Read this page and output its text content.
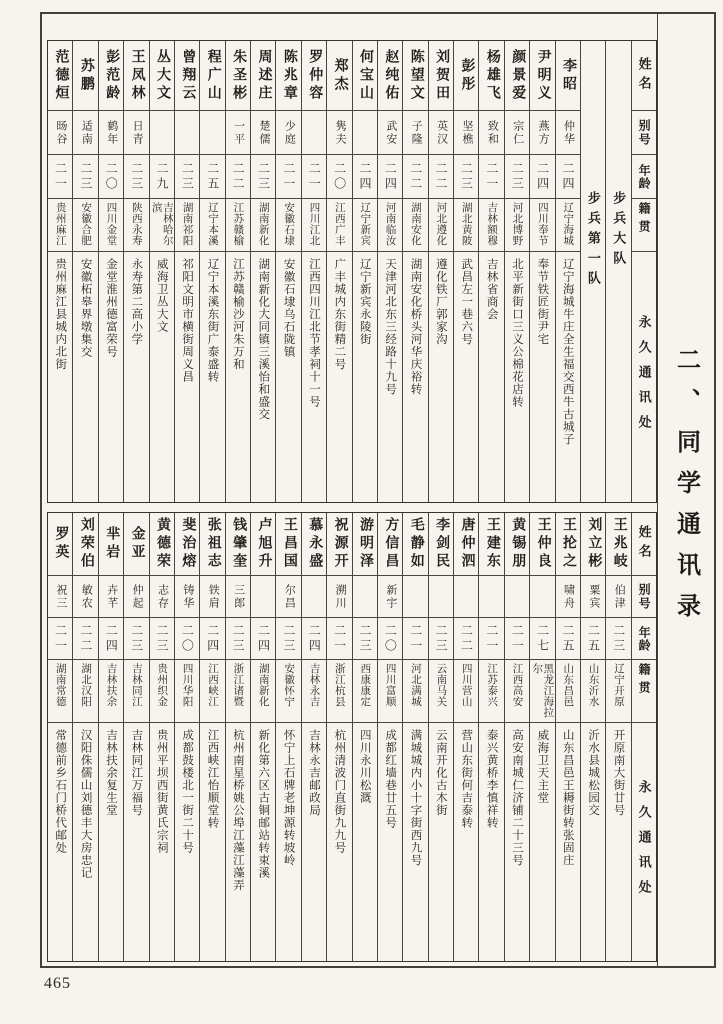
姓名
别号
年龄
籍贯
永久通讯处
步兵大队
步兵第一队
李昭
仲华
二四
辽宁海城
辽宁海城牛庄全生福交西牛古城子
尹明义
燕方
二四
四川奉节
奉节铁匠街尹宅
颜景爱
宗仁
二三
河北博野
北平新街口三义公棉花店转
杨雄飞
致和
二一
吉林额穆
吉林省商会
彭彤
坚樵
二三
湖北黄陂
武昌左一巷六号
刘贺田
英汉
二二
河北遵化
遵化铁厂郭家沟
陈望文
子隆
二二
湖南安化
湖南安化桥头河华庆裕转
赵纯佑
武安
二四
河南临汝
天津河北东三经路十九号
何宝山
二四
辽宁新宾
辽宁新宾永陵街
郑杰
隽夫
二〇
江西广丰
广丰城内东街精二号
罗仲容
二一
四川江北
江西四川江北节孝祠十一号
陈兆章
少庭
二一
安徽石埭
安徽石埭乌石陇镇
周述庄
楚儒
二三
湖南新化
湖南新化大同镇三溪怡和盛交
朱圣彬
一平
二二
江苏赣榆
江苏赣榆沙河朱万和
程广山
二五
辽宁本溪
辽宁本溪东街广泰盛转
曾翔云
二三
湖南祁阳
祁阳文明市横街周义昌
丛大文
二九
吉林哈尔滨
威海卫丛大文
王凤林
日青
二三
陕西永寿
永寿第二高小学
彭范龄
鹤年
二〇
四川金堂
金堂淮州德富荣号
苏鹏
适南
二三
安徽合肥
安徽柘皋界墩集交
范德烜
旸谷
二一
贵州麻江
贵州麻江县城内北街
姓名
别号
年龄
籍贯
永久通讯处
王兆岐
伯津
二三
辽宁开原
开原南大街廿号
刘立彬
粟宾
二五
山东沂水
沂水县城松园交
王抡之
啸舟
二五
山东昌邑
山东昌邑王耨街转张固庄
王仲良
二七
黑龙江海拉尔
威海卫天主堂
黄锡朋
二一
江西高安
高安南城仁济铺二十三号
王建东
二一
江苏泰兴
泰兴黄桥李慎祥转
唐仲泗
二二
四川营山
营山东街何吉泰转
李剑民
二三
云南马关
云南开化古木街
毛静如
二一
河北满城
满城城内小十字街西九号
方信昌
新宇
二〇
四川富顺
成都红墙巷廿五号
游明泽
二三
西康康定
四川永川松溉
祝源开
溯川
二一
浙江杭县
杭州清波门直街九九号
慕永盛
二四
吉林永吉
吉林永吉邮政局
王昌国
尔昌
二三
安徽怀宁
怀宁上石牌老坤源转坡岭
卢旭升
二四
湖南新化
新化第六区古铜邮站转束溪
钱肇奎
三郎
二三
浙江诸暨
杭州南星桥姚公埠江藻江藻弄
张祖志
铁肩
二四
江西峡江
江西峡江怡顺堂转
斐治熔
铸华
二〇
四川华阳
成都鼓楼北一街二十号
黄德荣
志存
二三
贵州织金
贵州平坝西街黄氏宗祠
金亚
仲起
二三
吉林同江
吉林同江万福号
芈岩
卉芊
二四
吉林扶余
吉林扶余复生堂
刘荣伯
敏农
二二
湖北汉阳
汉阳侏儒山刘德丰大房忠记
罗英
祝三
二一
湖南常德
常德前乡石门桥代邮处
二、同学通讯录
465
